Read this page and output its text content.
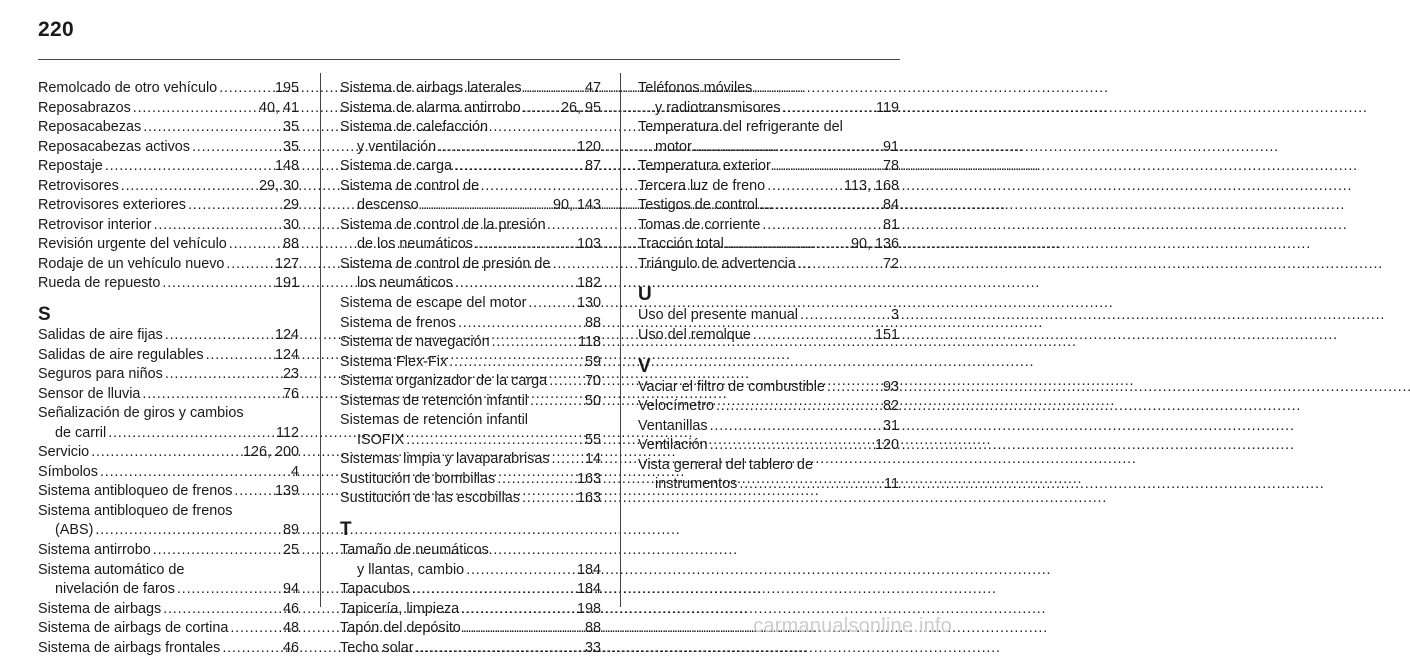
220
Remolcado de otro vehículo . . .	195
Reposabrazos . . .	40, 41
Reposacabezas . . .	35
Reposacabezas activos . . .	35
Repostaje . . .	148
Retrovisores . . .	29, 30
Retrovisores exteriores . . .	29
Retrovisor interior . . .	30
Revisión urgente del vehículo . . .	88
Rodaje de un vehículo nuevo . . .	127
Rueda de repuesto . . .	191
S
Salidas de aire fijas . . .	124
Salidas de aire regulables . . .	124
Seguros para niños . . .	23
Sensor de lluvia . . .	76
Señalización de giros y cambios
de carril . . .	112
Servicio . . .	126, 200
Símbolos . . .	4
Sistema antibloqueo de frenos . . .	139
Sistema antibloqueo de frenos
(ABS) . . .	89
Sistema antirrobo . . .	25
Sistema automático de
nivelación de faros . . .	94
Sistema de airbags . . .	46
Sistema de airbags de cortina . . .	48
Sistema de airbags frontales . . .	46
Sistema de airbags laterales . . .	47
Sistema de alarma antirrobo . . .	26, 95
Sistema de calefacción
y ventilación . . .	120
Sistema de carga . . .	87
Sistema de control de
descenso . . .	90, 143
Sistema de control de la presión
de los neumáticos . . .	103
Sistema de control de presión de
los neumáticos . . .	182
Sistema de escape del motor . . .	130
Sistema de frenos . . .	88
Sistema de navegación . . .	118
Sistema Flex-Fix . . .	59
Sistema organizador de la carga . . .	70
Sistemas de retención infantil . . .	50
Sistemas de retención infantil
ISOFIX . . .	55
Sistemas limpia y lavaparabrisas . . . 14
Sustitución de bombillas . . .	163
Sustitución de las escobillas . . .	163
T
Tamaño de neumáticos
y llantas, cambio . . .	184
Tapacubos . . .	184
Tapicería, limpieza . . .	198
Tapón del depósito . . .	88
Techo solar . . .	33
Teléfonos móviles
y radiotransmisores . . .	119
Temperatura del refrigerante del
motor . . .	91
Temperatura exterior . . .	78
Tercera luz de freno . . .	113, 168
Testigos de control . . .	84
Tomas de corriente . . .	81
Tracción total . . .	90, 136
Triángulo de advertencia . . .	72
U
Uso del presente manual . . .	3
Uso del remolque . . .	151
V
Vaciar el filtro de combustible . . .	93
Velocímetro . . .	82
Ventanillas . . .	31
Ventilación . . .	120
Vista general del tablero de
instrumentos . . .	11
carmanualsonline.info
